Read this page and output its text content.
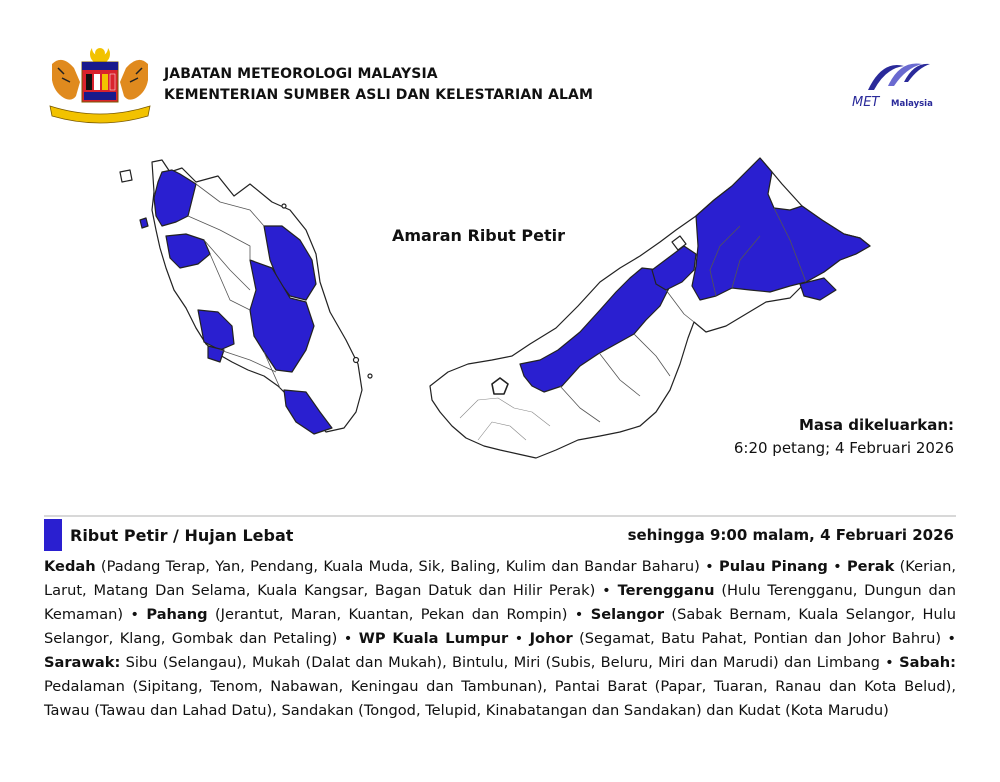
JABATAN METEOROLOGI MALAYSIA
KEMENTERIAN SUMBER ASLI DAN KELESTARIAN ALAM	MET Malaysia
Amaran Ribut Petir
Masa dikeluarkan:
6:20 petang; 4 Februari 2026
Ribut Petir / Hujan Lebat	sehingga 9:00 malam, 4 Februari 2026
Kedah (Padang Terap, Yan, Pendang, Kuala Muda, Sik, Baling, Kulim dan Bandar Baharu) • Pulau Pinang • Perak (Kerian, Larut, Matang Dan Selama, Kuala Kangsar, Bagan Datuk dan Hilir Perak) • Terengganu (Hulu Terengganu, Dungun dan Kemaman) • Pahang (Jerantut, Maran, Kuantan, Pekan dan Rompin) • Selangor (Sabak Bernam, Kuala Selangor, Hulu Selangor, Klang, Gombak dan Petaling) • WP Kuala Lumpur • Johor (Segamat, Batu Pahat, Pontian dan Johor Bahru) • Sarawak: Sibu (Selangau), Mukah (Dalat dan Mukah), Bintulu, Miri (Subis, Beluru, Miri dan Marudi) dan Limbang • Sabah: Pedalaman (Sipitang, Tenom, Nabawan, Keningau dan Tambunan), Pantai Barat (Papar, Tuaran, Ranau dan Kota Belud), Tawau (Tawau dan Lahad Datu), Sandakan (Tongod, Telupid, Kinabatangan dan Sandakan) dan Kudat (Kota Marudu)
